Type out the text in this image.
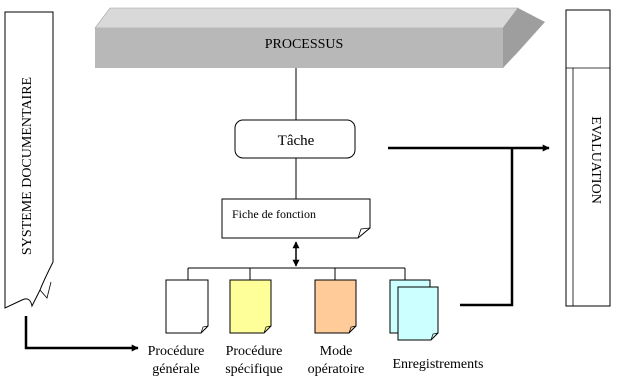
PROCESSUS
SYSTEME DOCUMENTAIRE	EVALUATION
Tâche
Fiche de fonction
Procédure
générale
Procédure
spécifique
Mode
opératoire Enregistrements
